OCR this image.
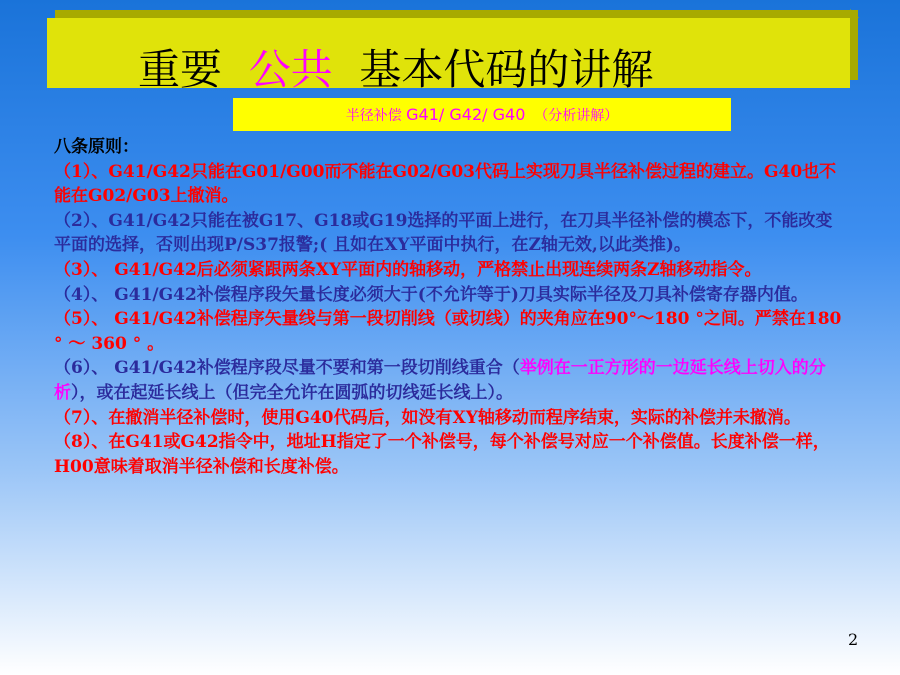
重要  公共  基本代码的讲解
半径补偿 G41/ G42/ G40  （分析讲解）

八条原则：

（1）、G41/G42只能在G01/G00而不能在G02/G03代码上实现刀具半径补偿过程的建立。G40也不能在G02/G03上撤消。

（2）、G41/G42只能在被G17、G18或G19选择的平面上进行，在刀具半径补偿的模态下，不能改变平面的选择，否则出现P/S37报警;( 且如在XY平面中执行，在Z轴无效,以此类推)。

（3）、 G41/G42后必须紧跟两条XY平面内的轴移动，严格禁止出现连续两条Z轴移动指令。

（4）、 G41/G42补偿程序段矢量长度必须大于(不允许等于)刀具实际半径及刀具补偿寄存器内值。

（5）、 G41/G42补偿程序矢量线与第一段切削线（或切线）的夹角应在90°～180 °之间。严禁在180 ° ～ 360 ° 。

（6）、 G41/G42补偿程序段尽量不要和第一段切削线重合（举例在一正方形的一边延长线上切入的分析），或在起延长线上（但完全允许在圆弧的切线延长线上）。

（7）、在撤消半径补偿时，使用G40代码后，如没有XY轴移动而程序结束，实际的补偿并未撤消。

（8）、在G41或G42指令中，地址H指定了一个补偿号，每个补偿号对应一个补偿值。长度补偿一样，H00意味着取消半径补偿和长度补偿。

2
